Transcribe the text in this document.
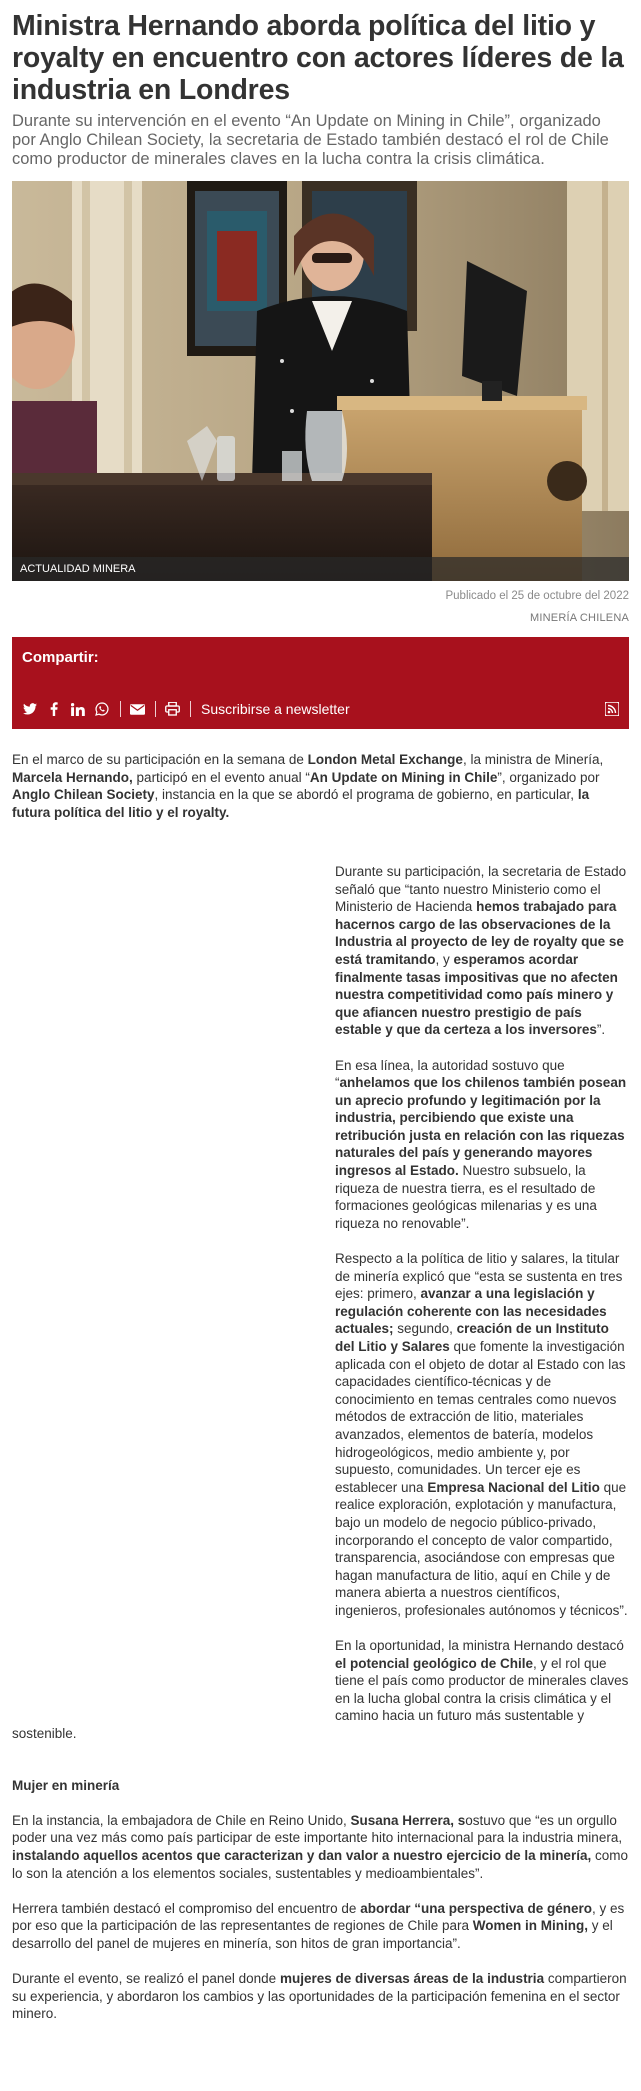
Ministra Hernando aborda política del litio y royalty en encuentro con actores líderes de la industria en Londres

Durante su intervención en el evento “An Update on Mining in Chile”, organizado por Anglo Chilean Society, la secretaria de Estado también destacó el rol de Chile como productor de minerales claves en la lucha contra la crisis climática.

ACTUALIDAD MINERA
Publicado el 25 de octubre del 2022
MINERÍA CHILENA
Compartir:
Suscribirse a newsletter

En el marco de su participación en la semana de London Metal Exchange, la ministra de Minería, Marcela Hernando, participó en el evento anual “An Update on Mining in Chile”, organizado por Anglo Chilean Society, instancia en la que se abordó el programa de gobierno, en particular, la futura política del litio y el royalty.

Durante su participación, la secretaria de Estado señaló que “tanto nuestro Ministerio como el Ministerio de Hacienda hemos trabajado para hacernos cargo de las observaciones de la Industria al proyecto de ley de royalty que se está tramitando, y esperamos acordar finalmente tasas impositivas que no afecten nuestra competitividad como país minero y que afiancen nuestro prestigio de país estable y que da certeza a los inversores”.

En esa línea, la autoridad sostuvo que “anhelamos que los chilenos también posean un aprecio profundo y legitimación por la industria, percibiendo que existe una retribución justa en relación con las riquezas naturales del país y generando mayores ingresos al Estado. Nuestro subsuelo, la riqueza de nuestra tierra, es el resultado de formaciones geológicas milenarias y es una riqueza no renovable”.

Respecto a la política de litio y salares, la titular de minería explicó que “esta se sustenta en tres ejes: primero, avanzar a una legislación y regulación coherente con las necesidades actuales; segundo, creación de un Instituto del Litio y Salares que fomente la investigación aplicada con el objeto de dotar al Estado con las capacidades científico-técnicas y de conocimiento en temas centrales como nuevos métodos de extracción de litio, materiales avanzados, elementos de batería, modelos hidrogeológicos, medio ambiente y, por supuesto, comunidades. Un tercer eje es establecer una Empresa Nacional del Litio que realice exploración, explotación y manufactura, bajo un modelo de negocio público-privado, incorporando el concepto de valor compartido, transparencia, asociándose con empresas que hagan manufactura de litio, aquí en Chile y de manera abierta a nuestros científicos, ingenieros, profesionales autónomos y técnicos”.

En la oportunidad, la ministra Hernando destacó el potencial geológico de Chile, y el rol que tiene el país como productor de minerales claves en la lucha global contra la crisis climática y el camino hacia un futuro más sustentable y sostenible.

Mujer en minería

En la instancia, la embajadora de Chile en Reino Unido, Susana Herrera, sostuvo que “es un orgullo poder una vez más como país participar de este importante hito internacional para la industria minera, instalando aquellos acentos que caracterizan y dan valor a nuestro ejercicio de la minería, como lo son la atención a los elementos sociales, sustentables y medioambientales”.

Herrera también destacó el compromiso del encuentro de abordar “una perspectiva de género, y es por eso que la participación de las representantes de regiones de Chile para Women in Mining, y el desarrollo del panel de mujeres en minería, son hitos de gran importancia”.

Durante el evento, se realizó el panel donde mujeres de diversas áreas de la industria compartieron su experiencia, y abordaron los cambios y las oportunidades de la participación femenina en el sector minero.
